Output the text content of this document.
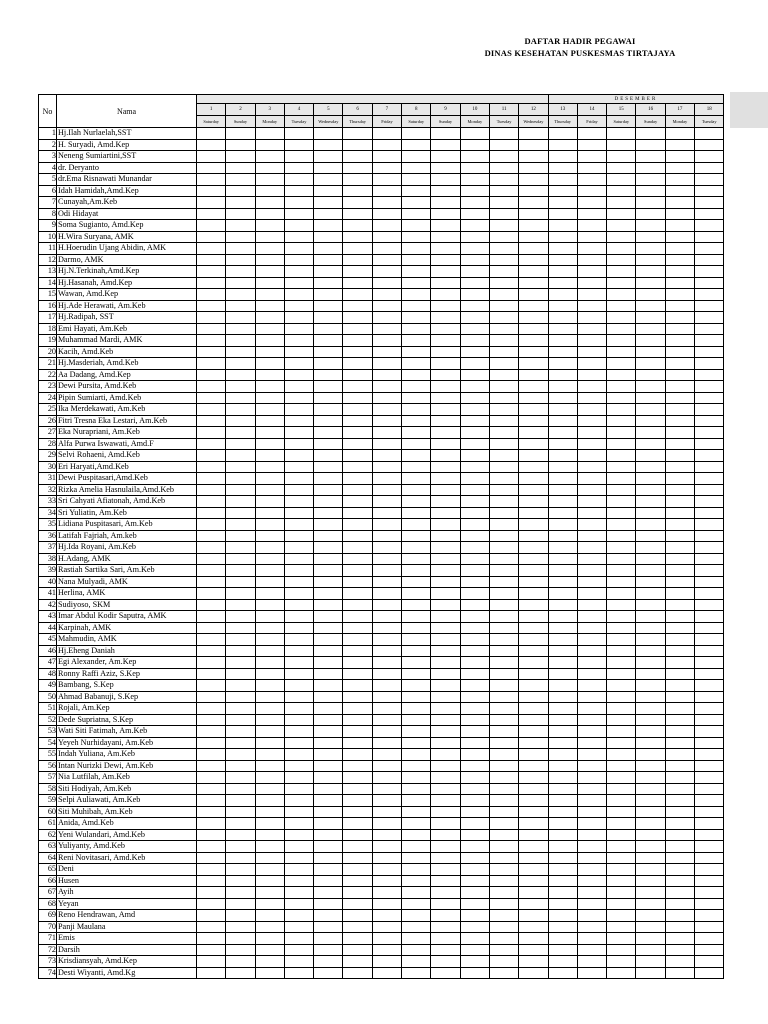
DAFTAR HADIR PEGAWAI
DINAS KESEHATAN PUSKESMAS TIRTAJAYA
No	Nama													DESEMBER					
		1	2	3	4	5	6	7	8	9	10	11	12	13	14	15	16	17	18
		Saturday	Sunday	Monday	Tuesday	Wednesday	Thursday	Friday	Saturday	Sunday	Monday	Tuesday	Wednesday	Thursday	Friday	Saturday	Sunday	Monday	Tuesday
1	Hj.Ilah Nurlaelah,SST																		
2	H. Suryadi, Amd.Kep																		
3	Neneng Sumiartini,SST																		
4	dr. Deryanto																		
5	dr.Ema Risnawati Munandar																		
6	Idah Hamidah,Amd.Kep																		
7	Cunayah,Am.Keb																		
8	Odi Hidayat																		
9	Soma Sugianto, Amd.Kep																		
10	H.Wira Suryana, AMK																		
11	H.Hoerudin Ujang Abidin, AMK																		
12	Darmo, AMK																		
13	Hj.N.Terkinah,Amd.Kep																		
14	Hj.Hasanah, Amd.Kep																		
15	Wawan, Amd.Kep																		
16	Hj.Ade Herawati, Am.Keb																		
17	Hj.Radipah, SST																		
18	Emi Hayati, Am.Keb																		
19	Muhammad Mardi, AMK																		
20	Kacih, Amd.Keb																		
21	Hj.Masderiah, Amd.Keb																		
22	Aa Dadang, Amd.Kep																		
23	Dewi Pursita, Amd.Keb																		
24	Pipin Sumiarti, Amd.Keb																		
25	Ika Merdekawati, Am.Keb																		
26	Fitri Tresna Eka Lestari, Am.Keb																		
27	Eka Nurapriani, Am.Keb																		
28	Alfa Purwa Iswawati, Amd.F																		
29	Selvi Rohaeni, Amd.Keb																		
30	Eri Haryati,Amd.Keb																		
31	Dewi Puspitasari,Amd.Keb																		
32	Rizka Amelia Hasnulaila,Amd.Keb																		
33	Sri Cahyati Afiatonah, Amd.Keb																		
34	Sri Yuliatin, Am.Keb																		
35	Lidiana Puspitasari, Am.Keb																		
36	Latifah Fajriah, Am.keb																		
37	Hj.Ida Royani, Am.Keb																		
38	H.Adang, AMK																		
39	Rastiah Sartika Sari, Am.Keb																		
40	Nana Mulyadi, AMK																		
41	Herlina, AMK																		
42	Sudiyoso, SKM																		
43	Imar Abdul Kodir Saputra, AMK																		
44	Karpinah, AMK																		
45	Mahmudin, AMK																		
46	Hj.Eheng Daniah																		
47	Egi Alexander, Am.Kep																		
48	Ronny Raffi Aziz, S.Kep																		
49	Bambang, S.Kep																		
50	Ahmad Babanuji, S.Kep																		
51	Rojali, Am.Kep																		
52	Dede Supriatna, S.Kep																		
53	Wati Siti Fatimah, Am.Keb																		
54	Yeyeh Nurhidayani, Am.Keb																		
55	Indah Yuliana, Am.Keb																		
56	Intan Nurizki Dewi, Am.Keb																		
57	Nia Lutfilah, Am.Keb																		
58	Siti Hodiyah, Am.Keb																		
59	Selpi Auliawati, Am.Keb																		
60	Siti Muhibah, Am.Keb																		
61	Anida, Amd.Keb																		
62	Yeni Wulandari, Amd.Keb																		
63	Yuliyanty, Amd.Keb																		
64	Reni Novitasari, Amd.Keb																		
65	Deni																		
66	Husen																		
67	Ayih																		
68	Yeyan																		
69	Reno Hendrawan, Amd																		
70	Panji Maulana																		
71	Emis																		
72	Darsih																		
73	Krisdiansyah, Amd.Kep																		
74	Desti Wiyanti, Amd.Kg																		
